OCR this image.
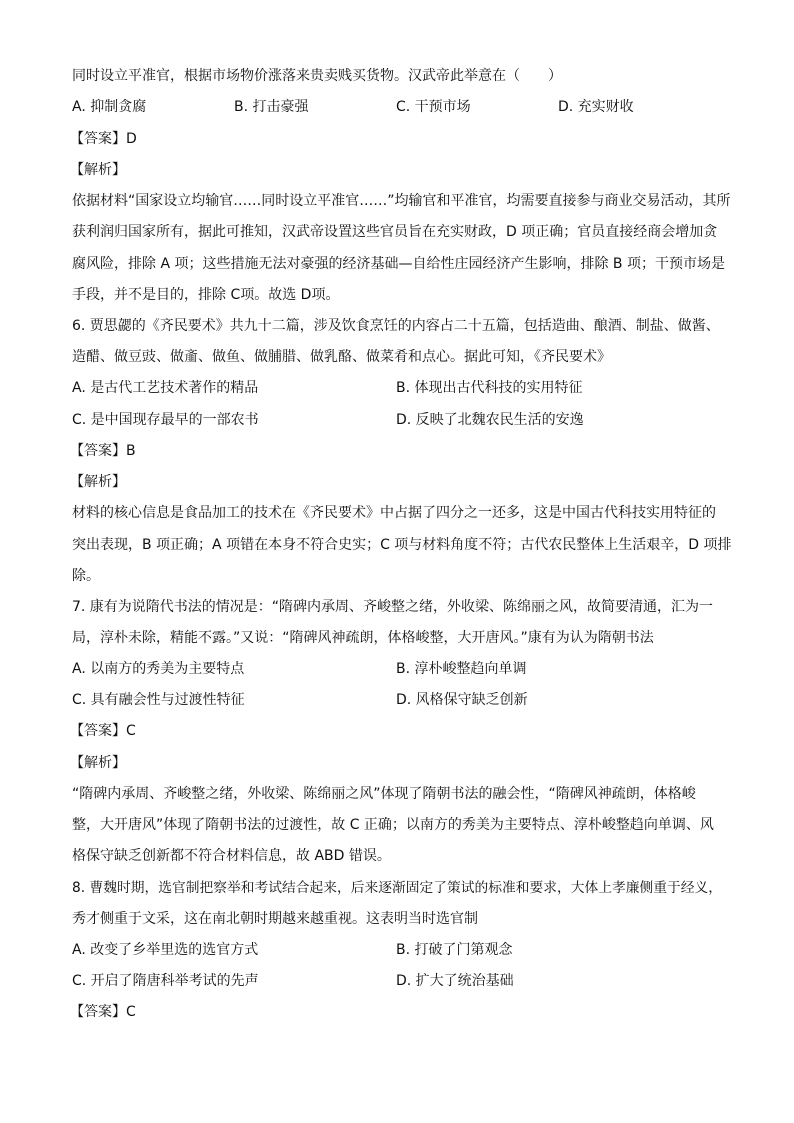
同时设立平准官，根据市场物价涨落来贵卖贱买货物。汉武帝此举意在（　　）
A. 抑制贪腐	B. 打击豪强	C. 干预市场	D. 充实财收
【答案】D
【解析】
依据材料“国家设立均输官……同时设立平准官……”均输官和平准官，均需要直接参与商业交易活动，其所
获利润归国家所有，据此可推知，汉武帝设置这些官员旨在充实财政，D 项正确；官员直接经商会增加贪
腐风险，排除 A 项；这些措施无法对豪强的经济基础—自给性庄园经济产生影响，排除 B 项；干预市场是
手段，并不是目的，排除 C项。故选 D项。
6. 贾思勰的《齐民要术》共九十二篇，涉及饮食烹饪的内容占二十五篇，包括造曲、酿酒、制盐、做酱、
造醋、做豆豉、做齑、做鱼、做脯腊、做乳酪、做菜肴和点心。据此可知，《齐民要术》
A. 是古代工艺技术著作的精品	B. 体现出古代科技的实用特征
C. 是中国现存最早的一部农书	D. 反映了北魏农民生活的安逸
【答案】B
【解析】
材料的核心信息是食品加工的技术在《齐民要术》中占据了四分之一还多，这是中国古代科技实用特征的
突出表现，B 项正确；A 项错在本身不符合史实；C 项与材料角度不符；古代农民整体上生活艰辛，D 项排
除。
7. 康有为说隋代书法的情况是：“隋碑内承周、齐峻整之绪，外收梁、陈绵丽之风，故简要清通，汇为一
局，淳朴未除，精能不露。”又说：“隋碑风神疏朗，体格峻整，大开唐风。”康有为认为隋朝书法
A. 以南方的秀美为主要特点	B. 淳朴峻整趋向单调
C. 具有融会性与过渡性特征	D. 风格保守缺乏创新
【答案】C
【解析】
“隋碑内承周、齐峻整之绪，外收梁、陈绵丽之风”体现了隋朝书法的融会性，“隋碑风神疏朗，体格峻
整，大开唐风”体现了隋朝书法的过渡性，故 C 正确；以南方的秀美为主要特点、淳朴峻整趋向单调、风
格保守缺乏创新都不符合材料信息，故 ABD 错误。
8. 曹魏时期，选官制把察举和考试结合起来，后来逐渐固定了策试的标准和要求，大体上孝廉侧重于经义，
秀才侧重于文采，这在南北朝时期越来越重视。这表明当时选官制
A. 改变了乡举里选的选官方式	B. 打破了门第观念
C. 开启了隋唐科举考试的先声	D. 扩大了统治基础
【答案】C
